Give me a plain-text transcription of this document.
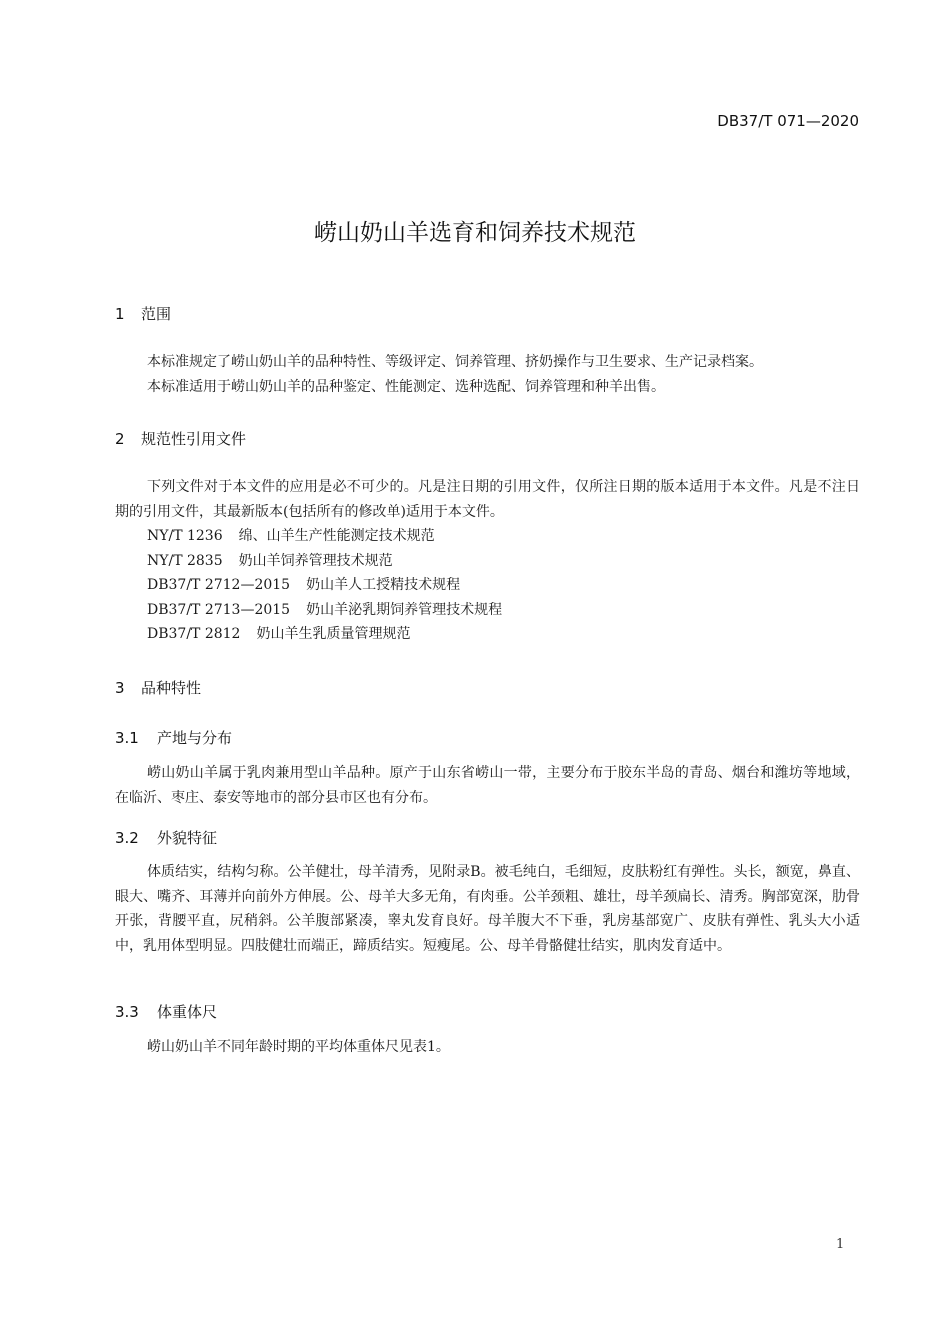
DB37/T 071—2020
崂山奶山羊选育和饲养技术规范
1 范围

本标准规定了崂山奶山羊的品种特性、等级评定、饲养管理、挤奶操作与卫生要求、生产记录档案。

本标准适用于崂山奶山羊的品种鉴定、性能测定、选种选配、饲养管理和种羊出售。

2 规范性引用文件

下列文件对于本文件的应用是必不可少的。凡是注日期的引用文件，仅所注日期的版本适用于本文件。凡是不注日期的引用文件，其最新版本(包括所有的修改单)适用于本文件。

NY/T 1236 绵、山羊生产性能测定技术规范

NY/T 2835 奶山羊饲养管理技术规范

DB37/T 2712—2015 奶山羊人工授精技术规程

DB37/T 2713—2015 奶山羊泌乳期饲养管理技术规程

DB37/T 2812 奶山羊生乳质量管理规范

3 品种特性
3.1 产地与分布

崂山奶山羊属于乳肉兼用型山羊品种。原产于山东省崂山一带，主要分布于胶东半岛的青岛、烟台和潍坊等地域，在临沂、枣庄、泰安等地市的部分县市区也有分布。

3.2 外貌特征

体质结实，结构匀称。公羊健壮，母羊清秀，见附录B。被毛纯白，毛细短，皮肤粉红有弹性。头长，额宽，鼻直、眼大、嘴齐、耳薄并向前外方伸展。公、母羊大多无角，有肉垂。公羊颈粗、雄壮，母羊颈扁长、清秀。胸部宽深，肋骨开张，背腰平直，尻稍斜。公羊腹部紧凑，睾丸发育良好。母羊腹大不下垂，乳房基部宽广、皮肤有弹性、乳头大小适中，乳用体型明显。四肢健壮而端正，蹄质结实。短瘦尾。公、母羊骨骼健壮结实，肌肉发育适中。

3.3 体重体尺

崂山奶山羊不同年龄时期的平均体重体尺见表1。

1
